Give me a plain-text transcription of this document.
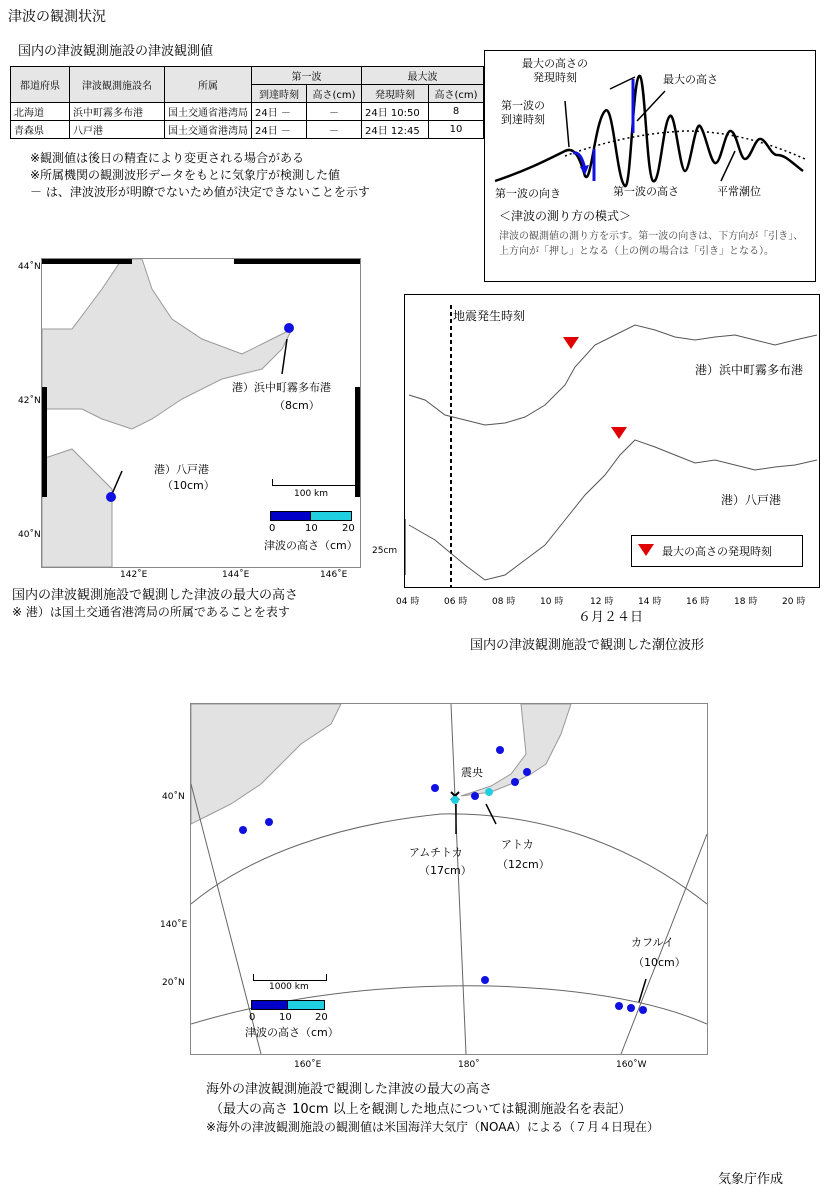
津波の観測状況
国内の津波観測施設の津波観測値
都道府県	津波観測施設名	所属	第一波		最大波	
			到達時刻	高さ(cm)	発現時刻	高さ(cm)
北海道	浜中町霧多布港	国土交通省港湾局	24日 －	－	24日 10:50	8
青森県	八戸港	国土交通省港湾局	24日 －	－	24日 12:45	10
※観測値は後日の精査により変更される場合がある
※所属機関の観測波形データをもとに気象庁が検測した値
－ は、津波波形が明瞭でないため値が決定できないことを示す
最大の高さの
発現時刻	最大の高さ
第一波の
到達時刻
第一波の向き	第一波の高さ	平常潮位
＜津波の測り方の模式＞
津波の観測値の測り方を示す。第一波の向きは、下方向が「引き」、上方向が「押し」となる（上の例の場合は「引き」となる）。
港）浜中町霧多布港
（8cm）
港）八戸港
（10cm）
100 km
0	10 20
津波の高さ（cm）
44˚N
42˚N
40˚N
142˚E	144˚E	146˚E
国内の津波観測施設で観測した津波の最大の高さ
※ 港）は国土交通省港湾局の所属であることを表す
地震発生時刻
港）浜中町霧多布港
港）八戸港
最大の高さの発現時刻
25cm
04 時	06 時	08 時	10 時	12 時	14 時	16 時	18 時	20 時
６月２４日
国内の津波観測施設で観測した潮位波形
震央
アムチトカ
（17cm）
アトカ
（12cm）
カフルイ
（10cm）
1000 km
0 10 20
津波の高さ（cm）
40˚N
20˚N
140˚E
160˚E	180˚	160˚W
海外の津波観測施設で観測した津波の最大の高さ
（最大の高さ 10cm 以上を観測した地点については観測施設名を表記）
※海外の津波観測施設の観測値は米国海洋大気庁（NOAA）による（７月４日現在）
気象庁作成
